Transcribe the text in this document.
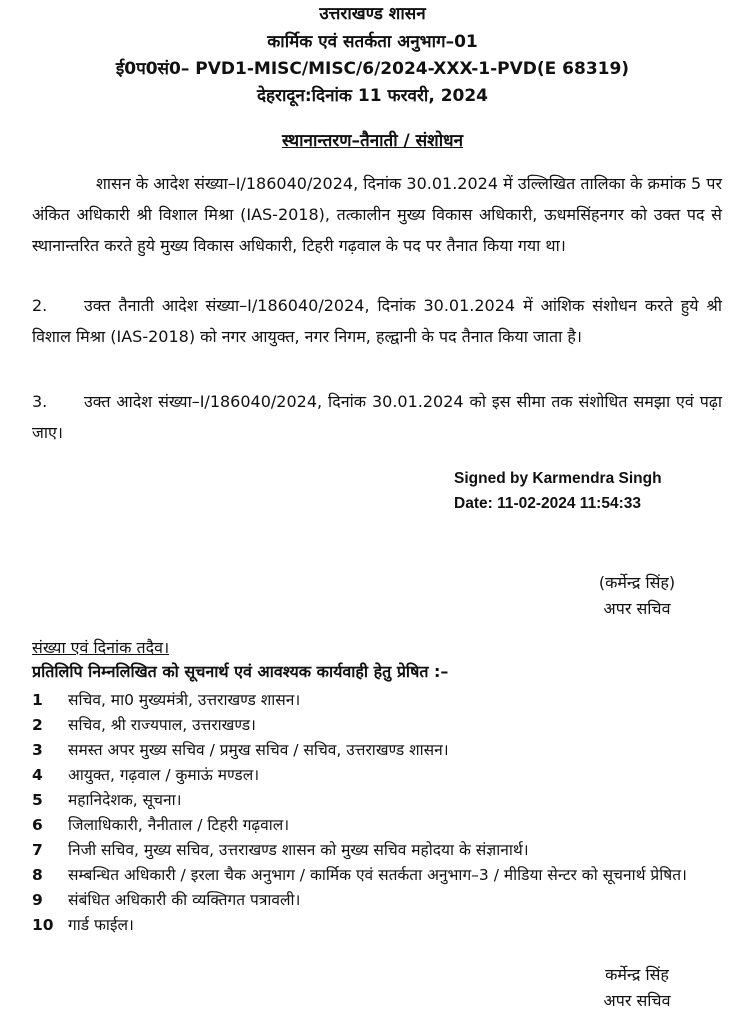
उत्तराखण्ड शासन
कार्मिक एवं सतर्कता अनुभाग–01
ई0प0सं0– PVD1-MISC/MISC/6/2024-XXX-1-PVD(E 68319)
देहरादून:दिनांक 11 फरवरी, 2024
स्थानान्तरण–तैनाती / संशोधन

शासन के आदेश संख्या–I/186040/2024, दिनांक 30.01.2024 में उल्लिखित तालिका के क्रमांक 5 पर अंकित अधिकारी श्री विशाल मिश्रा (IAS-2018), तत्कालीन मुख्य विकास अधिकारी, ऊधमसिंहनगर को उक्त पद से स्थानान्तरित करते हुये मुख्य विकास अधिकारी, टिहरी गढ़वाल के पद पर तैनात किया गया था।

2. उक्त तैनाती आदेश संख्या–I/186040/2024, दिनांक 30.01.2024 में आंशिक संशोधन करते हुये श्री विशाल मिश्रा (IAS-2018) को नगर आयुक्त, नगर निगम, हल्द्वानी के पद तैनात किया जाता है।

3. उक्त आदेश संख्या–I/186040/2024, दिनांक 30.01.2024 को इस सीमा तक संशोधित समझा एवं पढ़ा जाए।

Signed by Karmendra Singh
Date: 11-02-2024 11:54:33
(कर्मेन्द्र सिंह)
अपर सचिव
संख्या एवं दिनांक तदैव।
प्रतिलिपि निम्नलिखित को सूचनार्थ एवं आवश्यक कार्यवाही हेतु प्रेषित :–
1	सचिव, मा0 मुख्यमंत्री, उत्तराखण्ड शासन।
2	सचिव, श्री राज्यपाल, उत्तराखण्ड।
3	समस्त अपर मुख्य सचिव / प्रमुख सचिव / सचिव, उत्तराखण्ड शासन।
4	आयुक्त, गढ़वाल / कुमाऊं मण्डल।
5	महानिदेशक, सूचना।
6	जिलाधिकारी, नैनीताल / टिहरी गढ़वाल।
7	निजी सचिव, मुख्य सचिव, उत्तराखण्ड शासन को मुख्य सचिव महोदया के संज्ञानार्थ।
8	सम्बन्धित अधिकारी / इरला चैक अनुभाग / कार्मिक एवं सतर्कता अनुभाग–3 / मीडिया सेन्टर को सूचनार्थ प्रेषित।
9	संबंधित अधिकारी की व्यक्तिगत पत्रावली।
10 गार्ड फाईल।
कर्मेन्द्र सिंह
अपर सचिव
